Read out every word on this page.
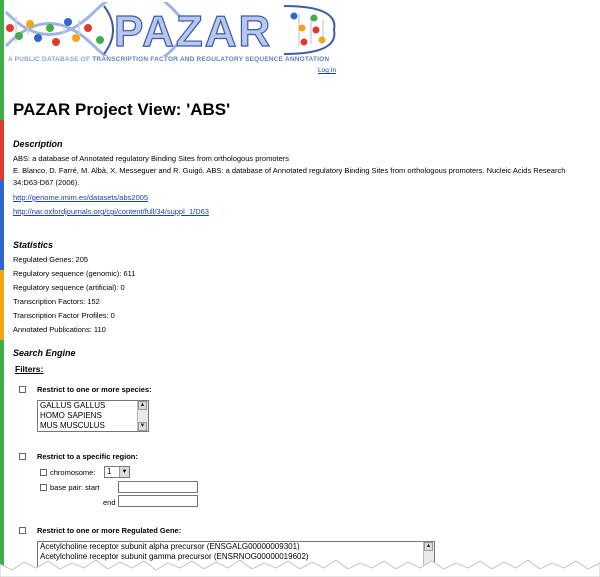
PAZAR
A PUBLIC DATABASE OF TRANSCRIPTION FACTOR AND REGULATORY SEQUENCE ANNOTATION
Log In
PAZAR Project View: 'ABS'
Description
ABS: a database of Annotated regulatory Binding Sites from orthologous promoters
E. Blanco, D. Farré, M. Albà, X. Messeguer and R. Guigó. ABS: a database of Annotated regulatory Binding Sites from orthologous promoters. Nucleic Acids Research 34:D63-D67 (2006).
http://genome.imim.es/datasets/abs2005
http://nar.oxfordjournals.org/cgi/content/full/34/suppl_1/D63
Statistics
Regulated Genes: 205
Regulatory sequence (genomic): 611
Regulatory sequence (artificial): 0
Transcription Factors: 152
Transcription Factor Profiles: 0
Annotated Publications: 110
Search Engine
Filters:
Restrict to one or more species:
GALLUS GALLUS
HOMO SAPIENS
MUS MUSCULUS
▲
▼
Restrict to a specific region:
chromosome:	1	▼
base pair: start
end
Restrict to one or more Regulated Gene:
Acetylcholine receptor subunit alpha precursor (ENSGALG00000009301)
Acetylcholine receptor subunit gamma precursor (ENSRNOG00000019602)
▲
